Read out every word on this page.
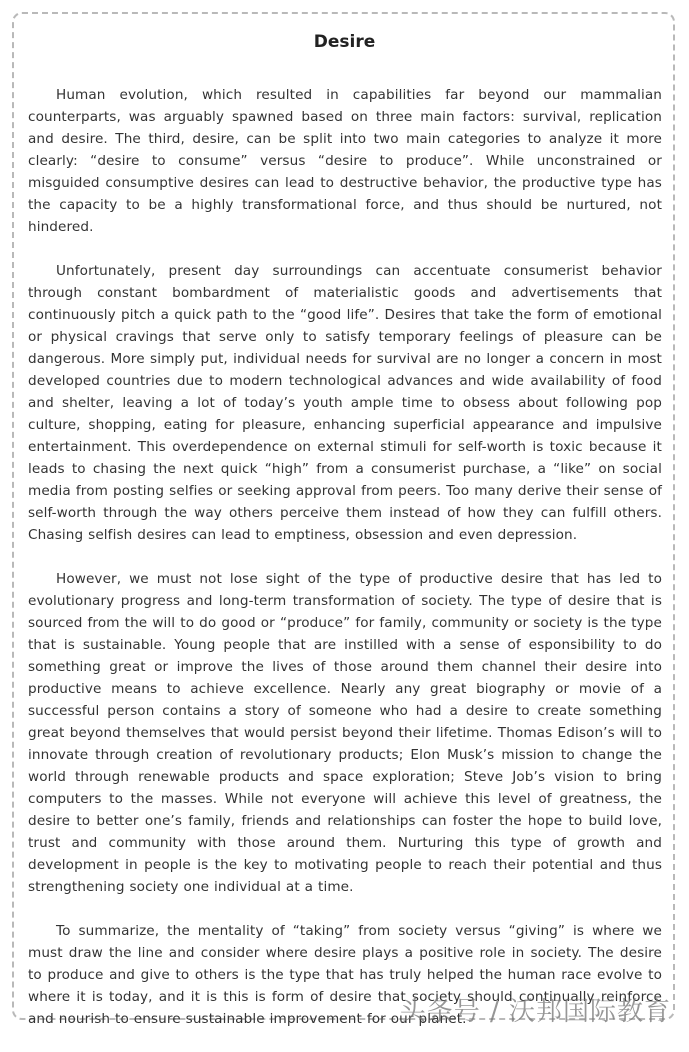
Desire

Human evolution, which resulted in capabilities far beyond our mammalian counterparts, was arguably spawned based on three main factors: survival, replication and desire. The third, desire, can be split into two main categories to analyze it more clearly: “desire to consume” versus “desire to produce”. While unconstrained or misguided consumptive desires can lead to destructive behavior, the productive type has the capacity to be a highly transformational force, and thus should be nurtured, not hindered.

Unfortunately, present day surroundings can accentuate consumerist behavior through constant bombardment of materialistic goods and advertisements that continuously pitch a quick path to the “good life”. Desires that take the form of emotional or physical cravings that serve only to satisfy temporary feelings of pleasure can be dangerous. More simply put, individual needs for survival are no longer a concern in most developed countries due to modern technological advances and wide availability of food and shelter, leaving a lot of today’s youth ample time to obsess about following pop culture, shopping, eating for pleasure, enhancing superficial appearance and impulsive entertainment. This overdependence on external stimuli for self-worth is toxic because it leads to chasing the next quick “high” from a consumerist purchase, a “like” on social media from posting selfies or seeking approval from peers. Too many derive their sense of self-worth through the way others perceive them instead of how they can fulfill others. Chasing selfish desires can lead to emptiness, obsession and even depression.

However, we must not lose sight of the type of productive desire that has led to evolutionary progress and long-term transformation of society. The type of desire that is sourced from the will to do good or “produce” for family, community or society is the type that is sustainable. Young people that are instilled with a sense of esponsibility to do something great or improve the lives of those around them channel their desire into productive means to achieve excellence. Nearly any great biography or movie of a successful person contains a story of someone who had a desire to create something great beyond themselves that would persist beyond their lifetime. Thomas Edison’s will to innovate through creation of revolutionary products; Elon Musk’s mission to change the world through renewable products and space exploration; Steve Job’s vision to bring computers to the masses. While not everyone will achieve this level of greatness, the desire to better one’s family, friends and relationships can foster the hope to build love, trust and community with those around them. Nurturing this type of growth and development in people is the key to motivating people to reach their potential and thus strengthening society one individual at a time.

To summarize, the mentality of “taking” from society versus “giving” is where we must draw the line and consider where desire plays a positive role in society. The desire to produce and give to others is the type that has truly helped the human race evolve to where it is today, and it is this is form of desire that society should continually reinforce and nourish to ensure sustainable improvement for our planet.

头条号 / 沃邦国际教育
